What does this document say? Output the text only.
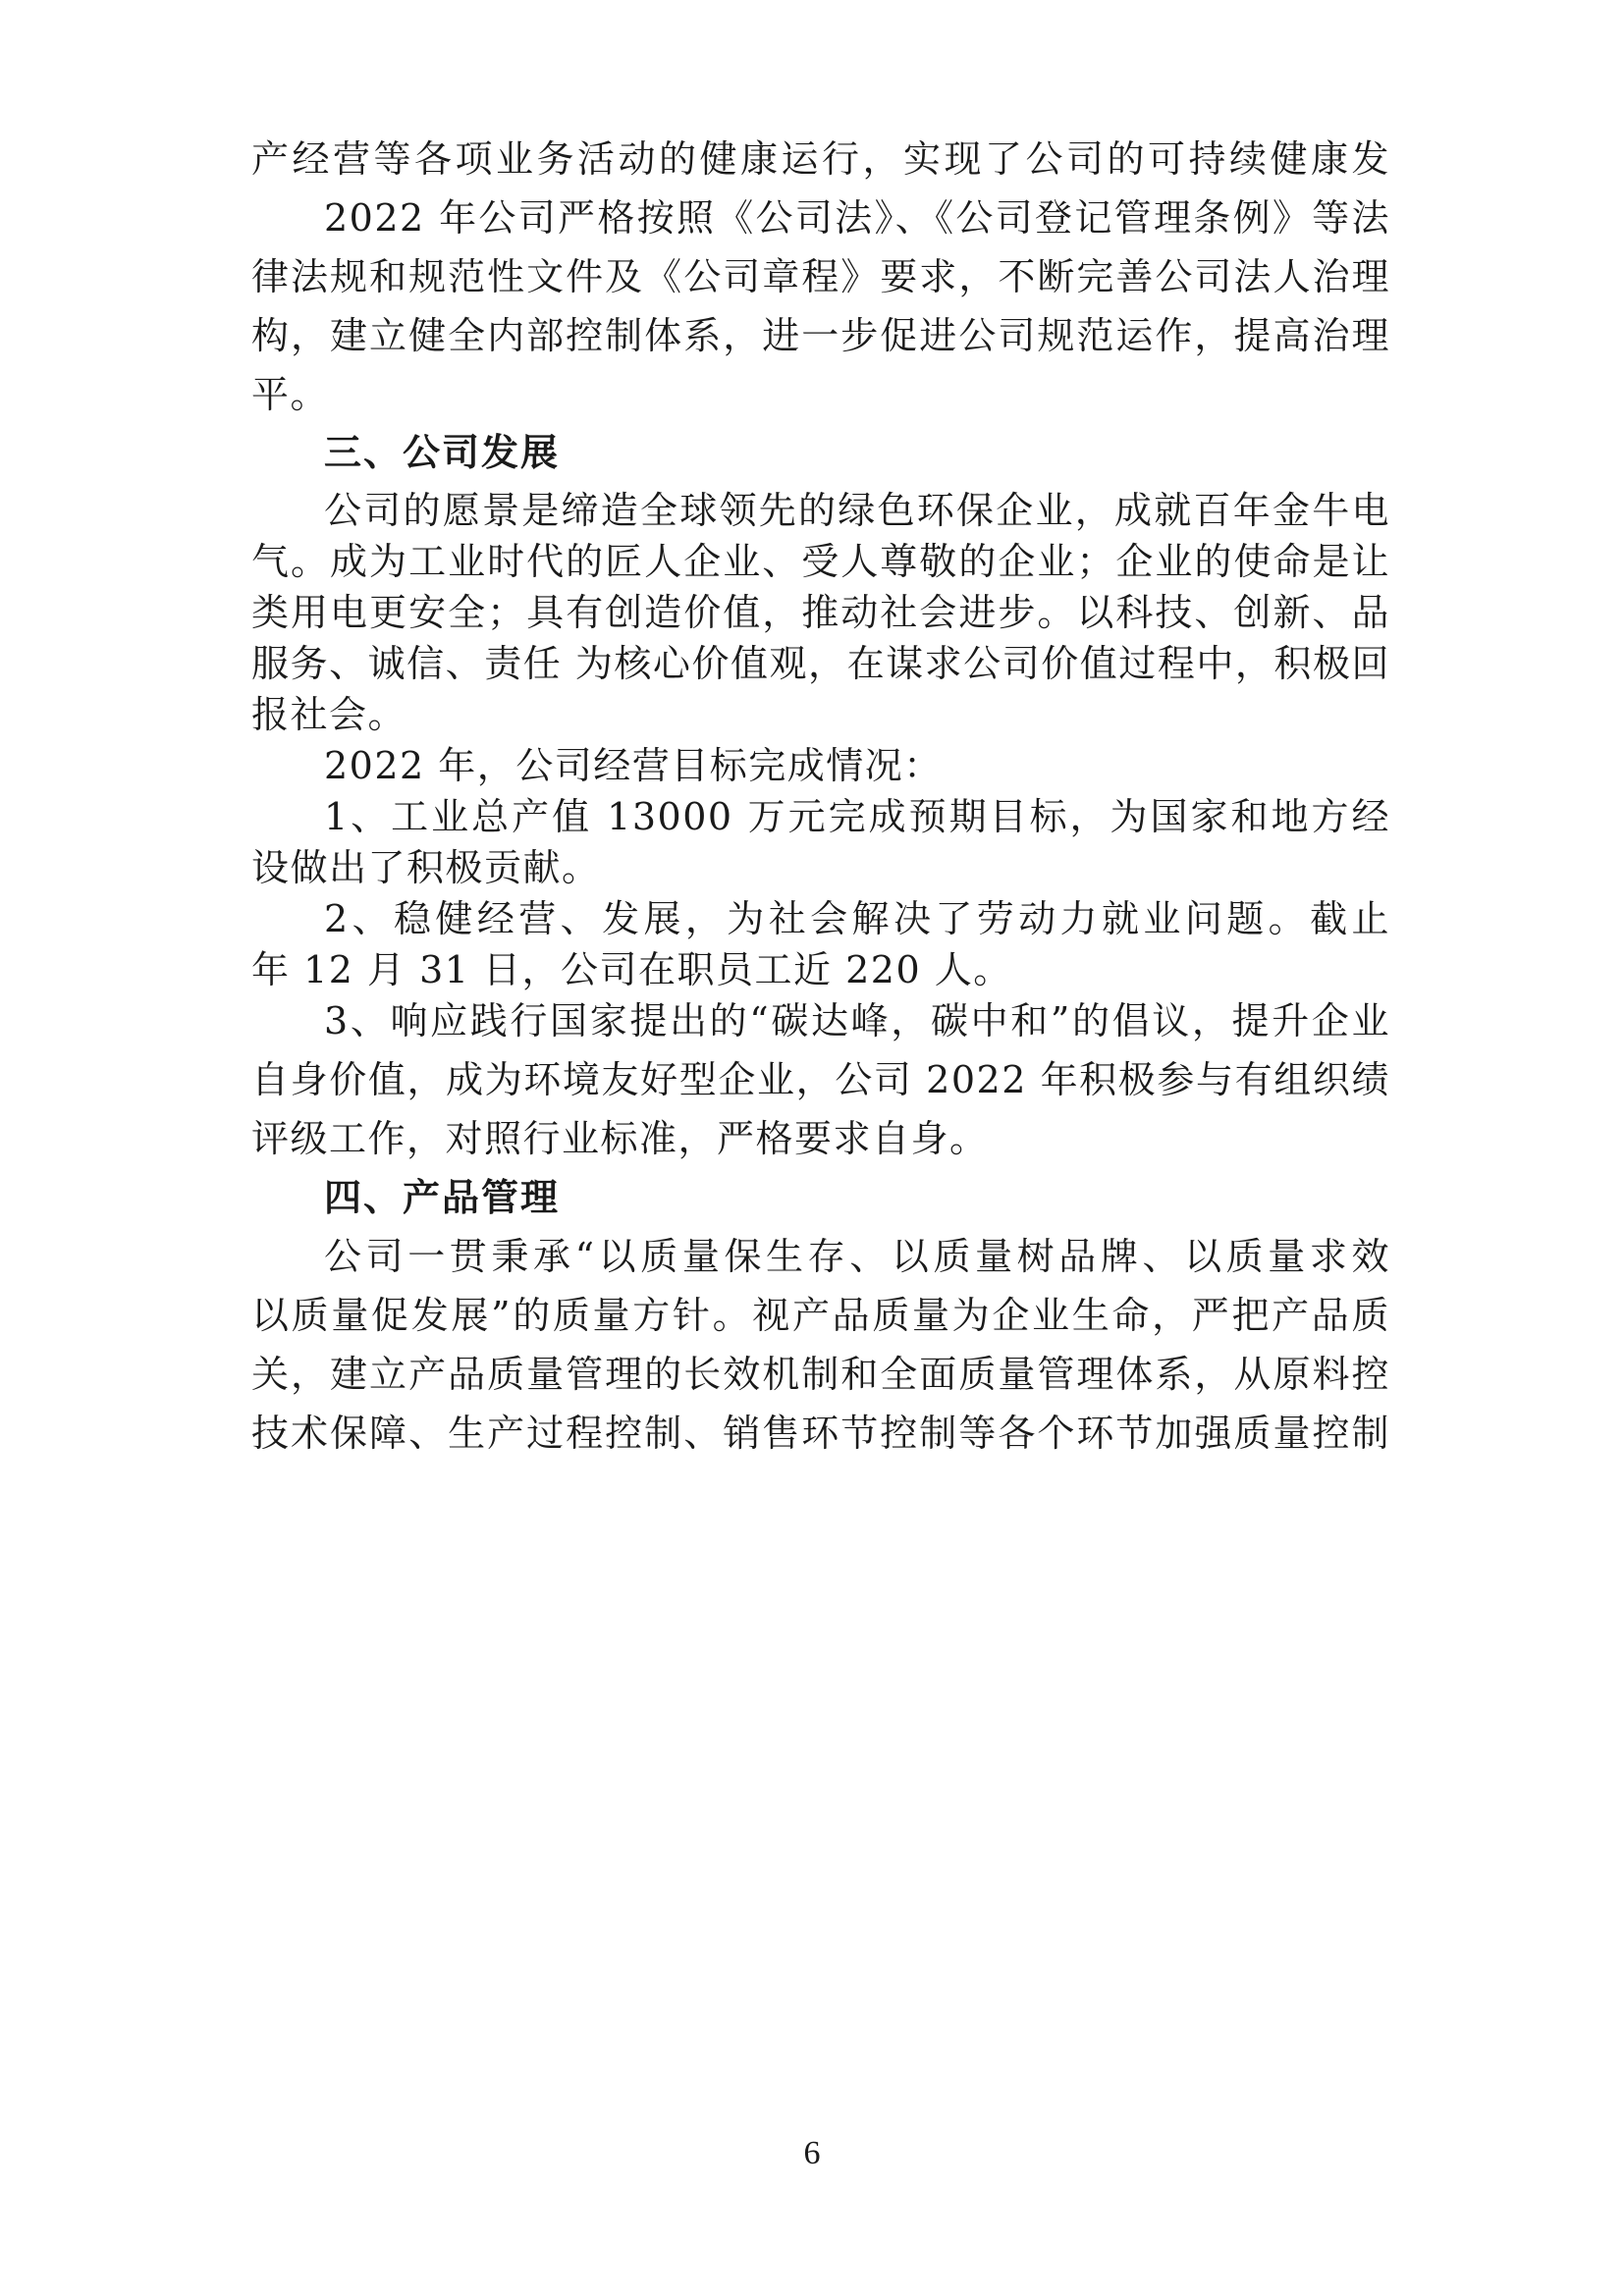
产经营等各项业务活动的健康运行，实现了公司的可持续健康发
2022 年公司严格按照《公司法》、《公司登记管理条例》等法
律法规和规范性文件及《公司章程》要求，不断完善公司法人治理
构，建立健全内部控制体系，进一步促进公司规范运作，提高治理
平。
三、公司发展
公司的愿景是缔造全球领先的绿色环保企业，成就百年金牛电
气。成为工业时代的匠人企业、受人尊敬的企业；企业的使命是让
类用电更安全；具有创造价值，推动社会进步。以科技、创新、品
服务、诚信、责任 为核心价值观，在谋求公司价值过程中，积极回
报社会。
2022 年，公司经营目标完成情况：
1、工业总产值 13000 万元完成预期目标，为国家和地方经
设做出了积极贡献。
2、稳健经营、发展，为社会解决了劳动力就业问题。截止
年 12 月 31 日，公司在职员工近 220 人。
3、响应践行国家提出的“碳达峰，碳中和”的倡议，提升企业
自身价值，成为环境友好型企业，公司 2022 年积极参与有组织绩
评级工作，对照行业标准，严格要求自身。
四、产品管理
公司一贯秉承“以质量保生存、以质量树品牌、以质量求效
以质量促发展”的质量方针。视产品质量为企业生命，严把产品质
关，建立产品质量管理的长效机制和全面质量管理体系，从原料控
技术保障、生产过程控制、销售环节控制等各个环节加强质量控制
6
